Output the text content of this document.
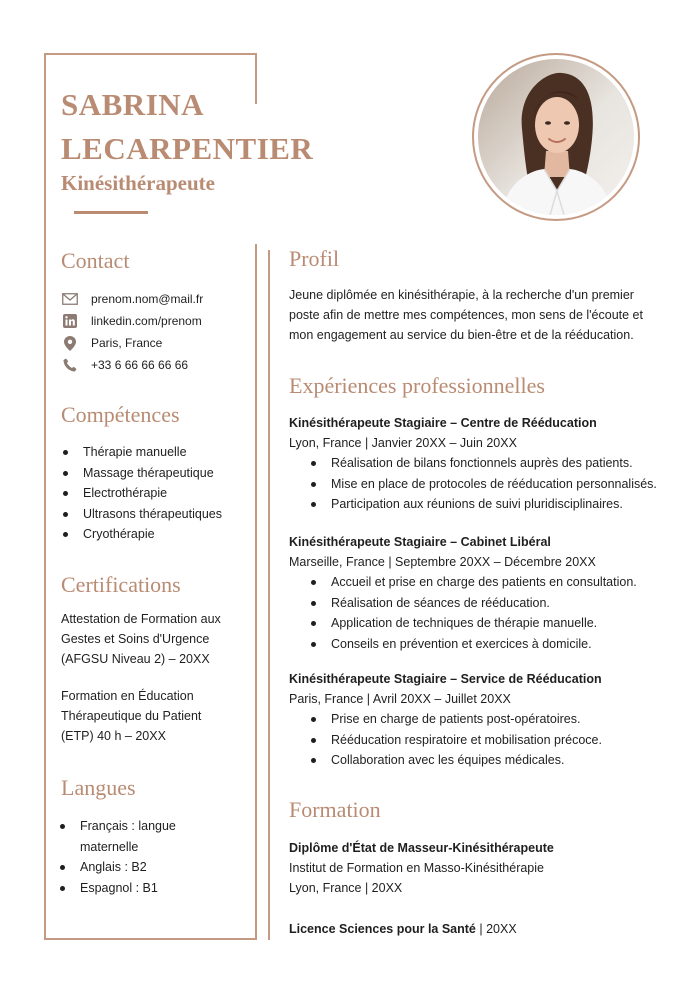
SABRINA
LECARPENTIER
Kinésithérapeute
Contact
prenom.nom@mail.fr
linkedin.com/prenom
Paris, France
+33 6 66 66 66 66
Compétences
Thérapie manuelle
Massage thérapeutique
Electrothérapie
Ultrasons thérapeutiques
Cryothérapie
Certifications
Attestation de Formation aux
Gestes et Soins d'Urgence
(AFGSU Niveau 2) – 20XX
Formation en Éducation
Thérapeutique du Patient
(ETP) 40 h – 20XX
Langues
Français : langue
maternelle
Anglais : B2
Espagnol : B1
Profil
Jeune diplômée en kinésithérapie, à la recherche d'un premier
poste afin de mettre mes compétences, mon sens de l'écoute et
mon engagement au service du bien-être et de la rééducation.
Expériences professionnelles
Kinésithérapeute Stagiaire – Centre de Rééducation
Lyon, France | Janvier 20XX – Juin 20XX
Réalisation de bilans fonctionnels auprès des patients.
Mise en place de protocoles de rééducation personnalisés.
Participation aux réunions de suivi pluridisciplinaires.
Kinésithérapeute Stagiaire – Cabinet Libéral
Marseille, France | Septembre 20XX – Décembre 20XX
Accueil et prise en charge des patients en consultation.
Réalisation de séances de rééducation.
Application de techniques de thérapie manuelle.
Conseils en prévention et exercices à domicile.
Kinésithérapeute Stagiaire – Service de Rééducation
Paris, France | Avril 20XX – Juillet 20XX
Prise en charge de patients post-opératoires.
Rééducation respiratoire et mobilisation précoce.
Collaboration avec les équipes médicales.
Formation
Diplôme d'État de Masseur-Kinésithérapeute
Institut de Formation en Masso-Kinésithérapie
Lyon, France | 20XX
Licence Sciences pour la Santé | 20XX
